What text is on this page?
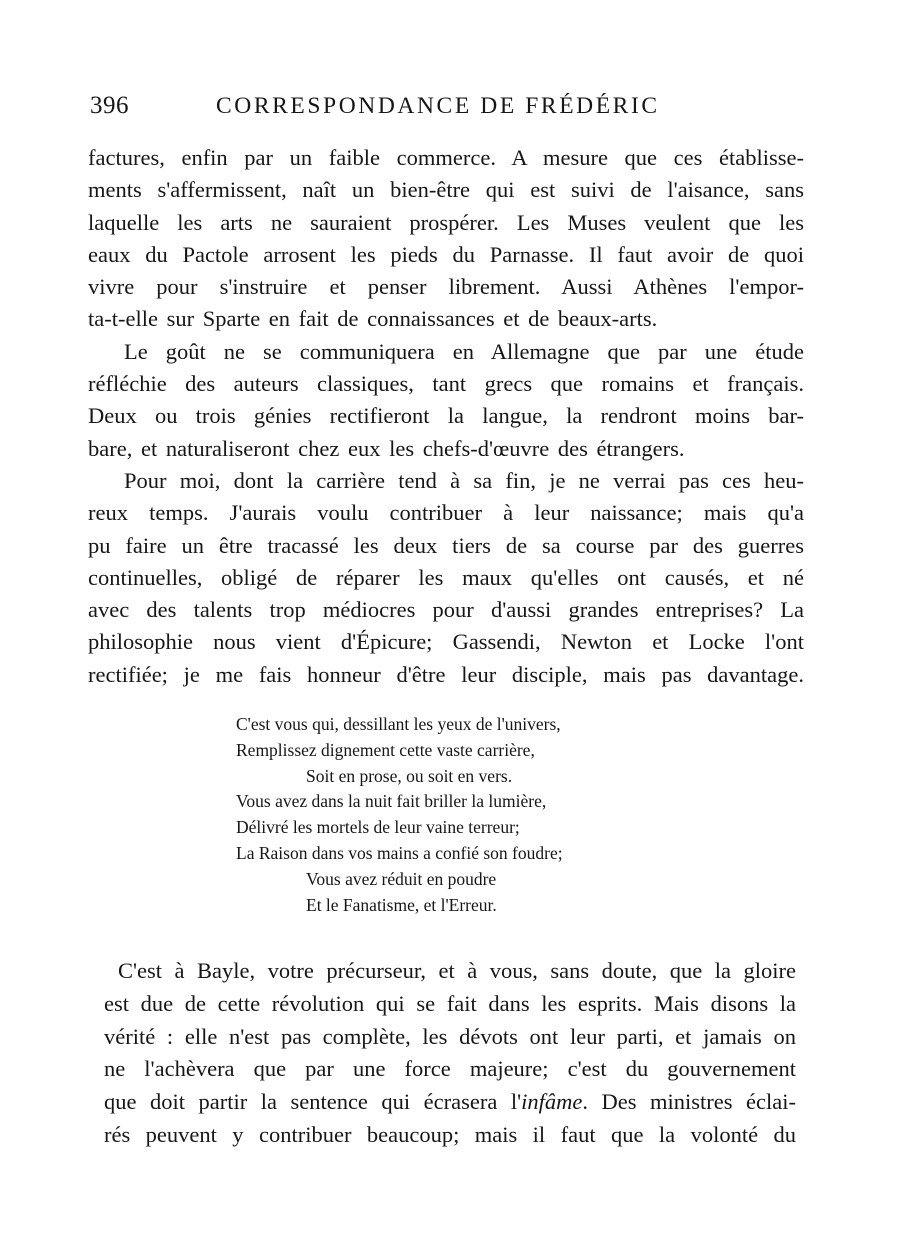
396	CORRESPONDANCE DE FRÉDÉRIC
factures, enfin par un faible commerce. A mesure que ces établisse-
ments s'affermissent, naît un bien-être qui est suivi de l'aisance, sans
laquelle les arts ne sauraient prospérer. Les Muses veulent que les
eaux du Pactole arrosent les pieds du Parnasse. Il faut avoir de quoi
vivre pour s'instruire et penser librement. Aussi Athènes l'empor-
ta-t-elle sur Sparte en fait de connaissances et de beaux-arts.
Le goût ne se communiquera en Allemagne que par une étude
réfléchie des auteurs classiques, tant grecs que romains et français.
Deux ou trois génies rectifieront la langue, la rendront moins bar-
bare, et naturaliseront chez eux les chefs-d'œuvre des étrangers.
Pour moi, dont la carrière tend à sa fin, je ne verrai pas ces heu-
reux temps. J'aurais voulu contribuer à leur naissance; mais qu'a
pu faire un être tracassé les deux tiers de sa course par des guerres
continuelles, obligé de réparer les maux qu'elles ont causés, et né
avec des talents trop médiocres pour d'aussi grandes entreprises? La
philosophie nous vient d'Épicure; Gassendi, Newton et Locke l'ont
rectifiée; je me fais honneur d'être leur disciple, mais pas davantage.
C'est vous qui, dessillant les yeux de l'univers,
Remplissez dignement cette vaste carrière,
Soit en prose, ou soit en vers.
Vous avez dans la nuit fait briller la lumière,
Délivré les mortels de leur vaine terreur;
La Raison dans vos mains a confié son foudre;
Vous avez réduit en poudre
Et le Fanatisme, et l'Erreur.
C'est à Bayle, votre précurseur, et à vous, sans doute, que la gloire
est due de cette révolution qui se fait dans les esprits. Mais disons la
vérité : elle n'est pas complète, les dévots ont leur parti, et jamais on
ne l'achèvera que par une force majeure; c'est du gouvernement
que doit partir la sentence qui écrasera l'infâme. Des ministres éclai-
rés peuvent y contribuer beaucoup; mais il faut que la volonté du
